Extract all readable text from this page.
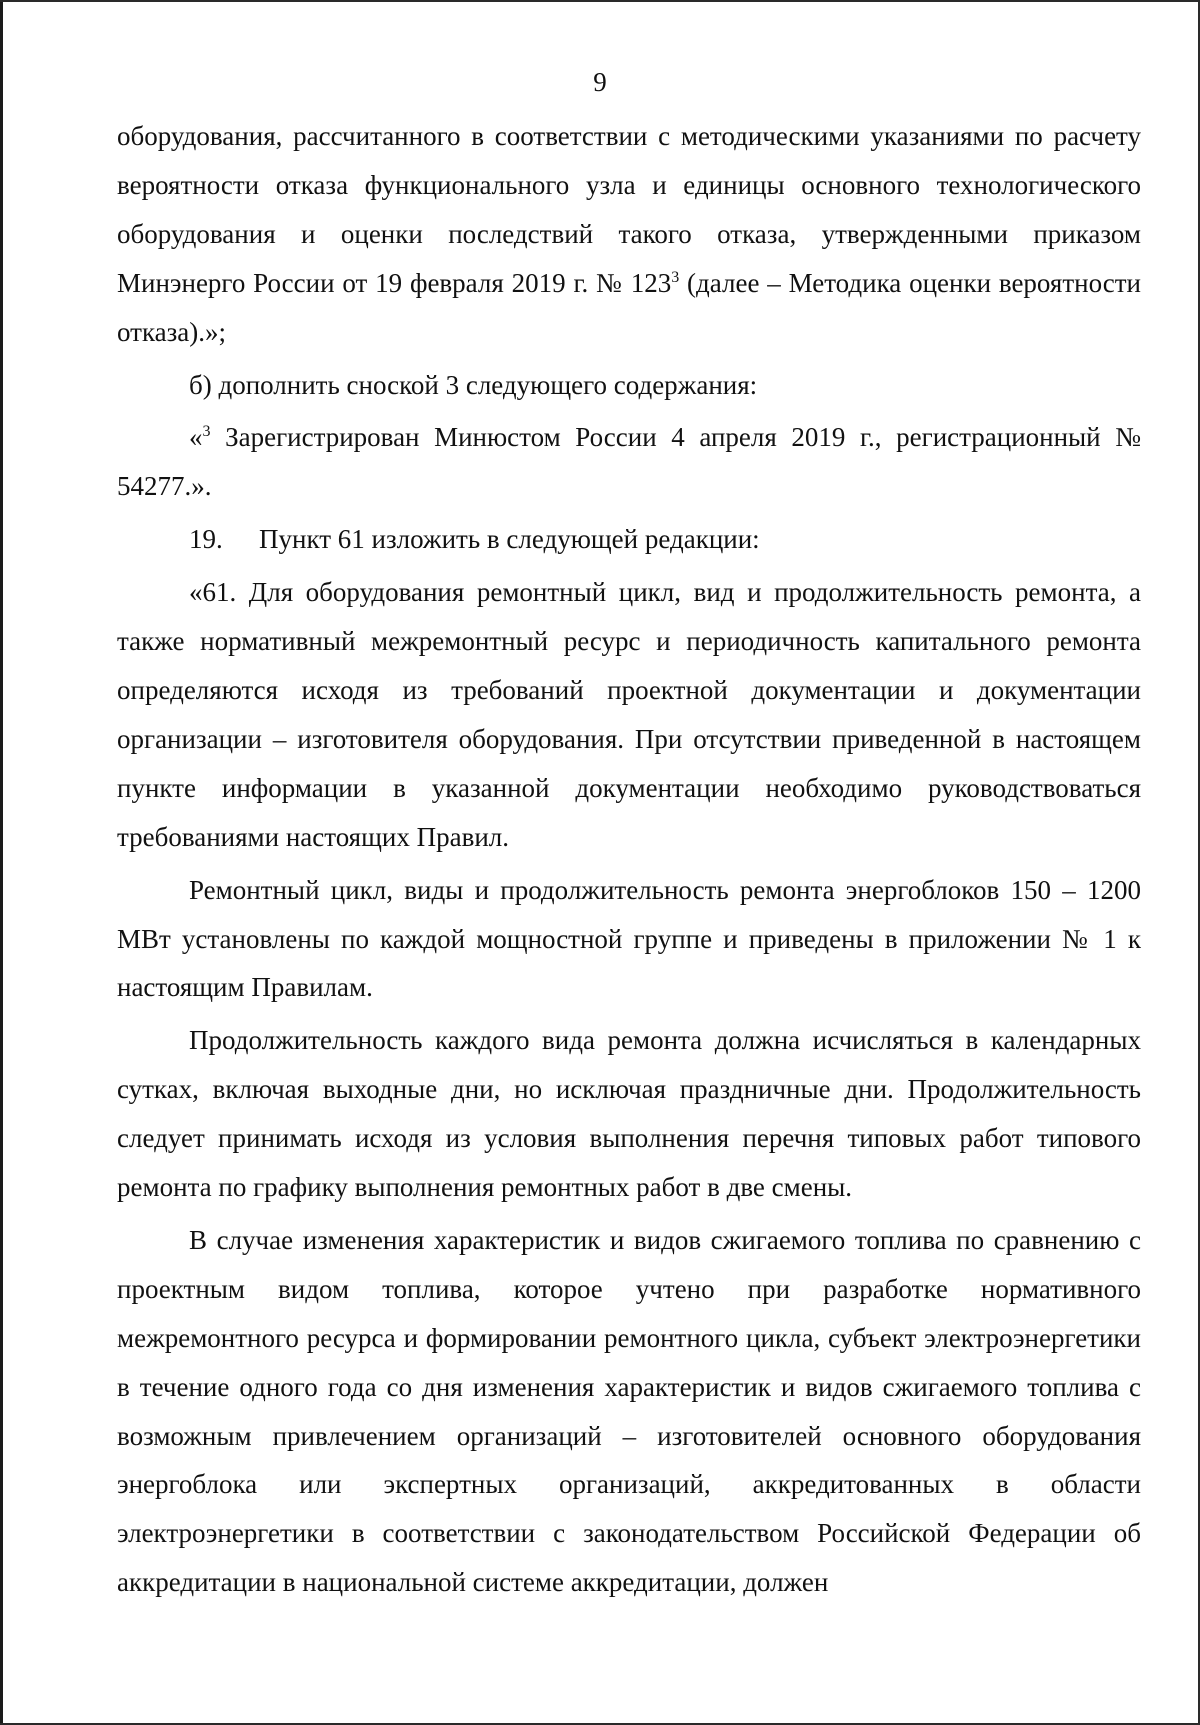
9

оборудования, рассчитанного в соответствии с методическими указаниями по расчету вероятности отказа функционального узла и единицы основного технологического оборудования и оценки последствий такого отказа, утвержденными приказом Минэнерго России от 19 февраля 2019 г. № $123^3$ (далее – Методика оценки вероятности отказа).»;

б) дополнить сноской 3 следующего содержания:

«$^3$ Зарегистрирован Минюстом России 4 апреля 2019 г., регистрационный № 54277.».

19. Пункт 61 изложить в следующей редакции:

«61. Для оборудования ремонтный цикл, вид и продолжительность ремонта, а также нормативный межремонтный ресурс и периодичность капитального ремонта определяются исходя из требований проектной документации и документации организации – изготовителя оборудования. При отсутствии приведенной в настоящем пункте информации в указанной документации необходимо руководствоваться требованиями настоящих Правил.

Ремонтный цикл, виды и продолжительность ремонта энергоблоков 150 – 1200 МВт установлены по каждой мощностной группе и приведены в приложении № 1 к настоящим Правилам.

Продолжительность каждого вида ремонта должна исчисляться в календарных сутках, включая выходные дни, но исключая праздничные дни. Продолжительность следует принимать исходя из условия выполнения перечня типовых работ типового ремонта по графику выполнения ремонтных работ в две смены.

В случае изменения характеристик и видов сжигаемого топлива по сравнению с проектным видом топлива, которое учтено при разработке нормативного межремонтного ресурса и формировании ремонтного цикла, субъект электроэнергетики в течение одного года со дня изменения характеристик и видов сжигаемого топлива с возможным привлечением организаций – изготовителей основного оборудования энергоблока или экспертных организаций, аккредитованных в области электроэнергетики в соответствии с законодательством Российской Федерации об аккредитации в национальной системе аккредитации, должен
